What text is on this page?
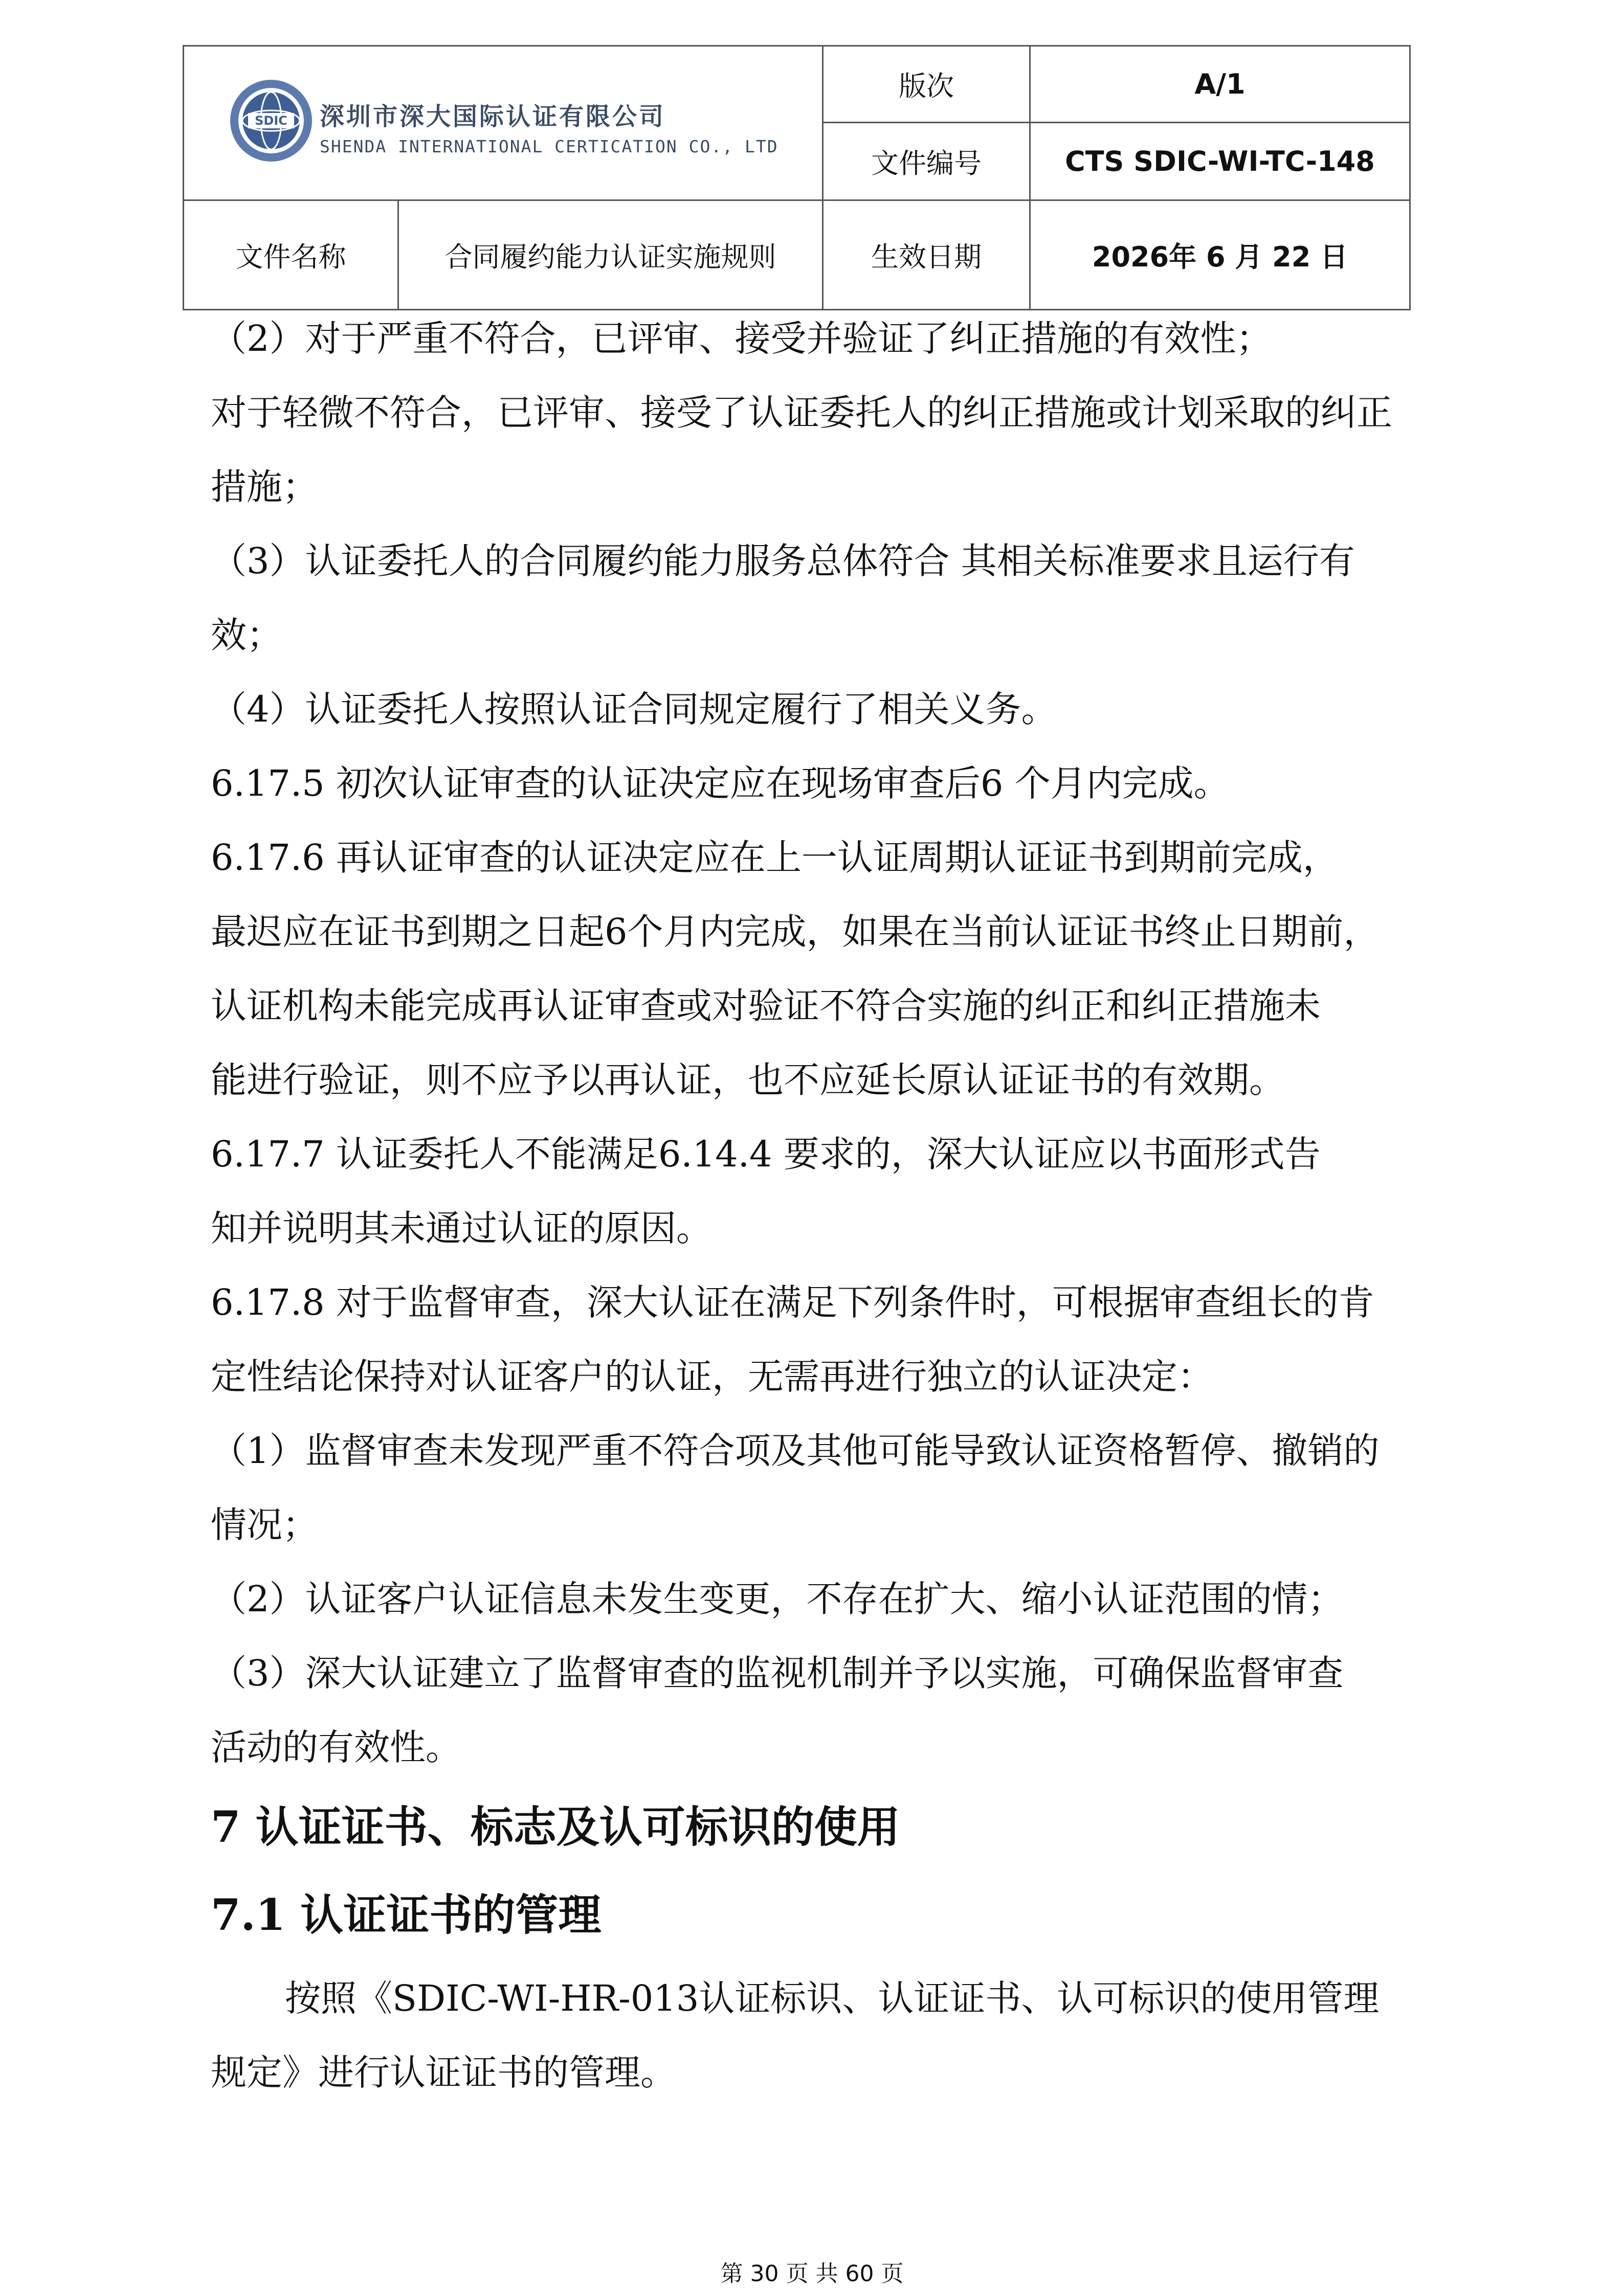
SDIC 深圳市深大国际认证有限公司
SHENDA INTERNATIONAL CERTICATION CO., LTD		版次	A/1
		文件编号	CTS SDIC-WI-TC-148
文件名称	合同履约能力认证实施规则	生效日期	2026年 6 月 22 日
（2）对于严重不符合，已评审、接受并验证了纠正措施的有效性；
对于轻微不符合，已评审、接受了认证委托人的纠正措施或计划采取的纠正
措施；
（3）认证委托人的合同履约能力服务总体符合 其相关标准要求且运行有
效；
（4）认证委托人按照认证合同规定履行了相关义务。
6.17.5 初次认证审查的认证决定应在现场审查后6 个月内完成。
6.17.6 再认证审查的认证决定应在上一认证周期认证证书到期前完成，
最迟应在证书到期之日起6个月内完成，如果在当前认证证书终止日期前，
认证机构未能完成再认证审查或对验证不符合实施的纠正和纠正措施未
能进行验证，则不应予以再认证，也不应延长原认证证书的有效期。
6.17.7 认证委托人不能满足6.14.4 要求的，深大认证应以书面形式告
知并说明其未通过认证的原因。
6.17.8 对于监督审查，深大认证在满足下列条件时，可根据审查组长的肯
定性结论保持对认证客户的认证，无需再进行独立的认证决定：
（1）监督审查未发现严重不符合项及其他可能导致认证资格暂停、撤销的
情况；
（2）认证客户认证信息未发生变更，不存在扩大、缩小认证范围的情；
（3）深大认证建立了监督审查的监视机制并予以实施，可确保监督审查
活动的有效性。
7 认证证书、标志及认可标识的使用
7.1 认证证书的管理
按照《SDIC-WI-HR-013认证标识、认证证书、认可标识的使用管理
规定》进行认证证书的管理。
第 30 页 共 60 页
